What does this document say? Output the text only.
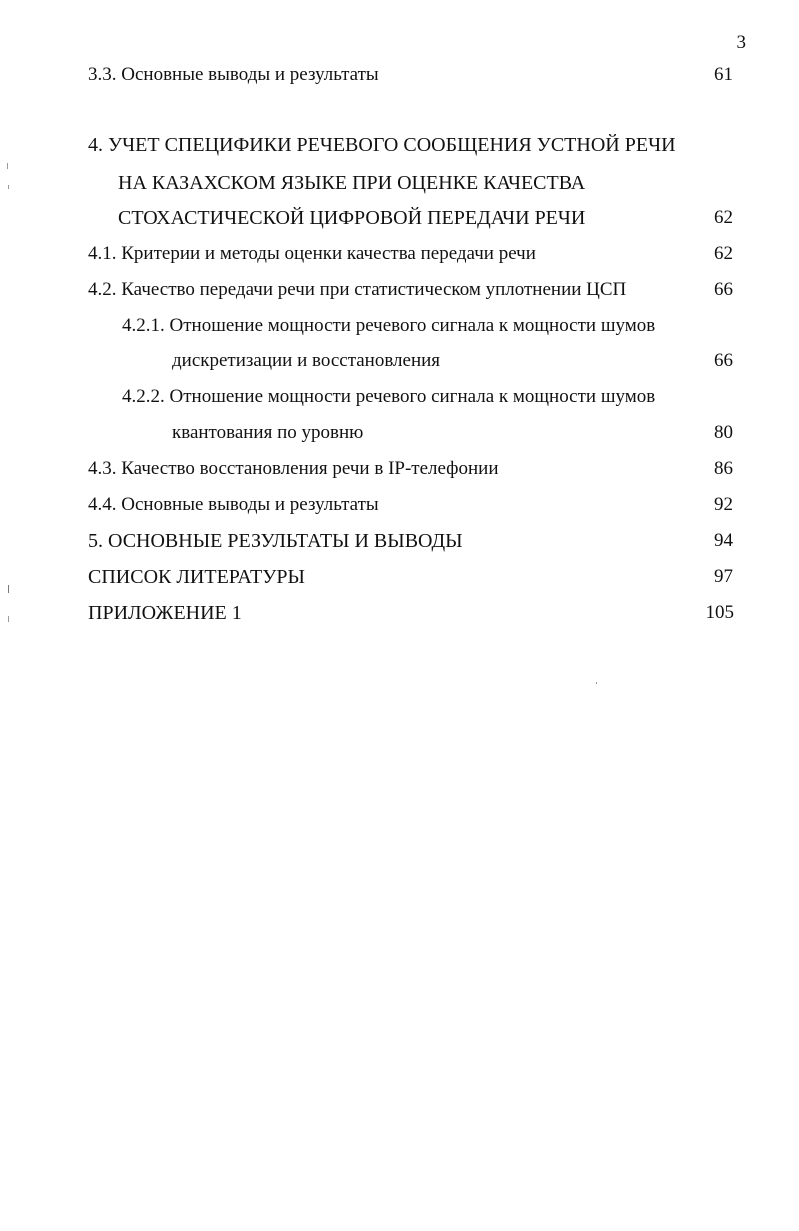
3
3.3. Основные выводы и результаты	61
4. УЧЕТ СПЕЦИФИКИ РЕЧЕВОГО СООБЩЕНИЯ УСТНОЙ РЕЧИ
НА КАЗАХСКОМ ЯЗЫКЕ ПРИ ОЦЕНКЕ КАЧЕСТВА
СТОХАСТИЧЕСКОЙ ЦИФРОВОЙ ПЕРЕДАЧИ РЕЧИ	62
4.1. Критерии и методы оценки качества передачи речи	62
4.2. Качество передачи речи при статистическом уплотнении ЦСП	66
4.2.1. Отношение мощности речевого сигнала к мощности шумов
дискретизации и восстановления	66
4.2.2. Отношение мощности речевого сигнала к мощности шумов
квантования по уровню	80
4.3. Качество восстановления речи в IP-телефонии	86
4.4. Основные выводы и результаты	92
5. ОСНОВНЫЕ РЕЗУЛЬТАТЫ И ВЫВОДЫ	94
СПИСОК ЛИТЕРАТУРЫ	97
ПРИЛОЖЕНИЕ 1	105
